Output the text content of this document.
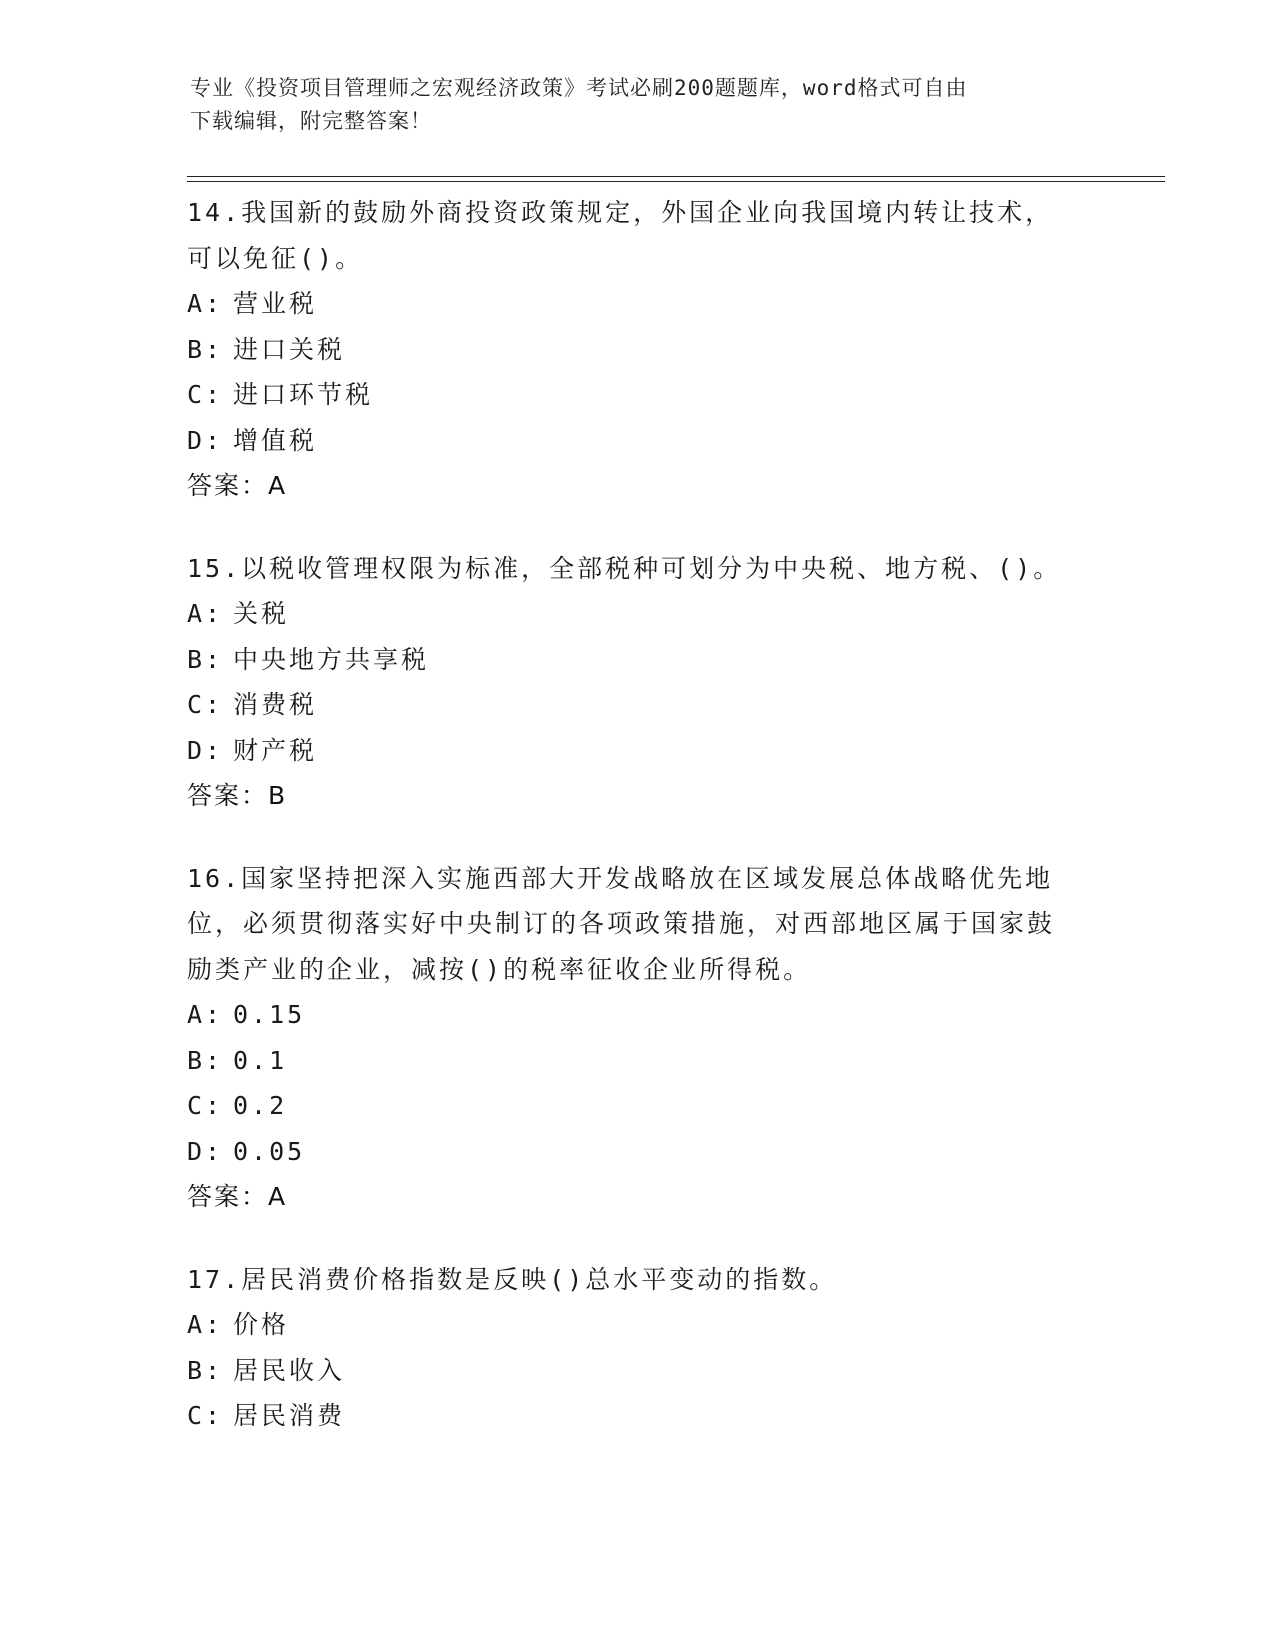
专业《投资项目管理师之宏观经济政策》考试必刷200题题库，word格式可自由
下载编辑，附完整答案！
14.我国新的鼓励外商投资政策规定，外国企业向我国境内转让技术，可以免征()。
A: 营业税
B: 进口关税
C: 进口环节税
D: 增值税
答案：A
15.以税收管理权限为标准，全部税种可划分为中央税、地方税、()。
A: 关税
B: 中央地方共享税
C: 消费税
D: 财产税
答案：B
16.国家坚持把深入实施西部大开发战略放在区域发展总体战略优先地位，必须贯彻落实好中央制订的各项政策措施，对西部地区属于国家鼓励类产业的企业，减按()的税率征收企业所得税。
A: 0.15
B: 0.1
C: 0.2
D: 0.05
答案：A
17.居民消费价格指数是反映()总水平变动的指数。
A: 价格
B: 居民收入
C: 居民消费
